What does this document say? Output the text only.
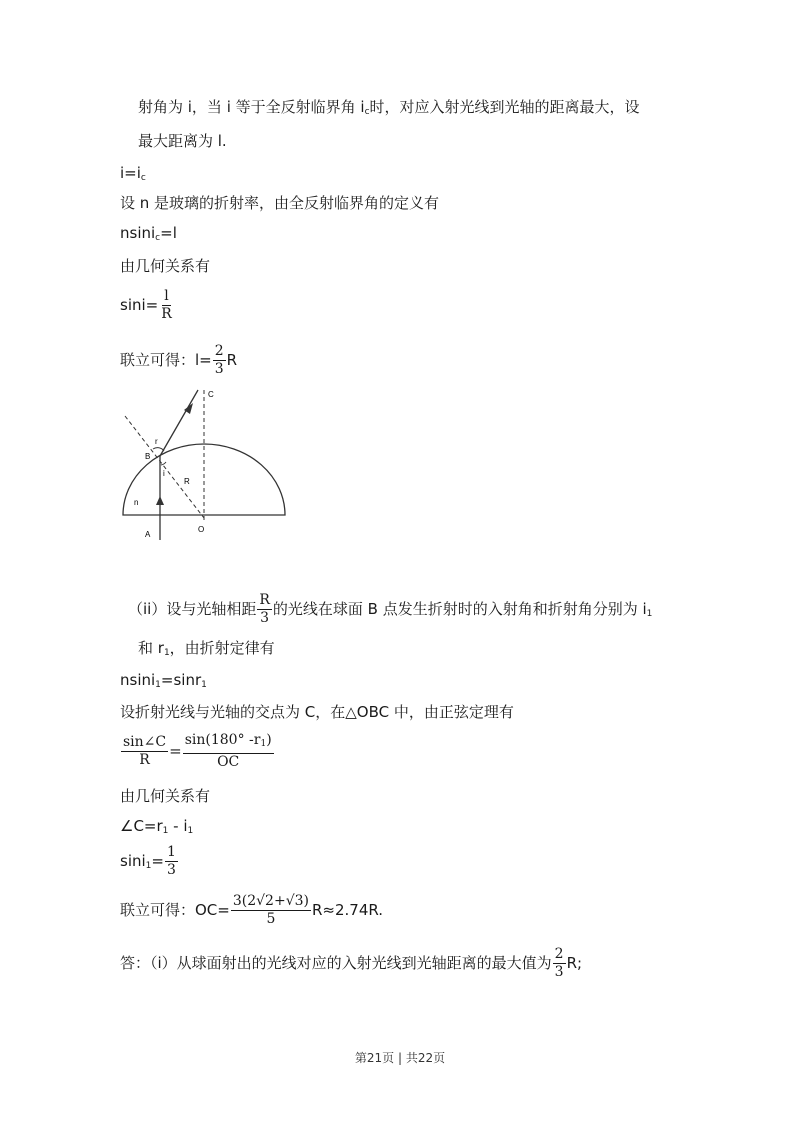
射角为 i，当 i 等于全反射临界角 $i_c$时，对应入射光线到光轴的距离最大，设
最大距离为 l.
$i=i_c$
设 n 是玻璃的折射率，由全反射临界角的定义有
nsini$_c$=l
由几何关系有
$\sin i= \frac{l}{R}$
联立可得：$l= \frac{2}{3}$ R
C
r
B
i
R
n
A
O
（ii）设与光轴相距 $\frac{R}{3}$ 的光线在球面 B 点发生折射时的入射角和折射角分别为 $i_1$
和 $r_1$，由折射定律有
nsini$_1$=sinr$_1$
设折射光线与光轴的交点为 C，在△OBC 中，由正弦定理有
$\frac{\sin\angle C}{R} = \frac{\sin(180^\circ -r_1)}{OC}$
由几何关系有
$\angle C=r_1 - i_1$
$\sin i_1= \frac{1}{3}$
联立可得：$OC= \frac{3(2√2+√3)}{5} R\approx 2.74R$.
答：（i）从球面射出的光线对应的入射光线到光轴距离的最大值为 $\frac{2}{3} R$;
第21页 | 共22页
